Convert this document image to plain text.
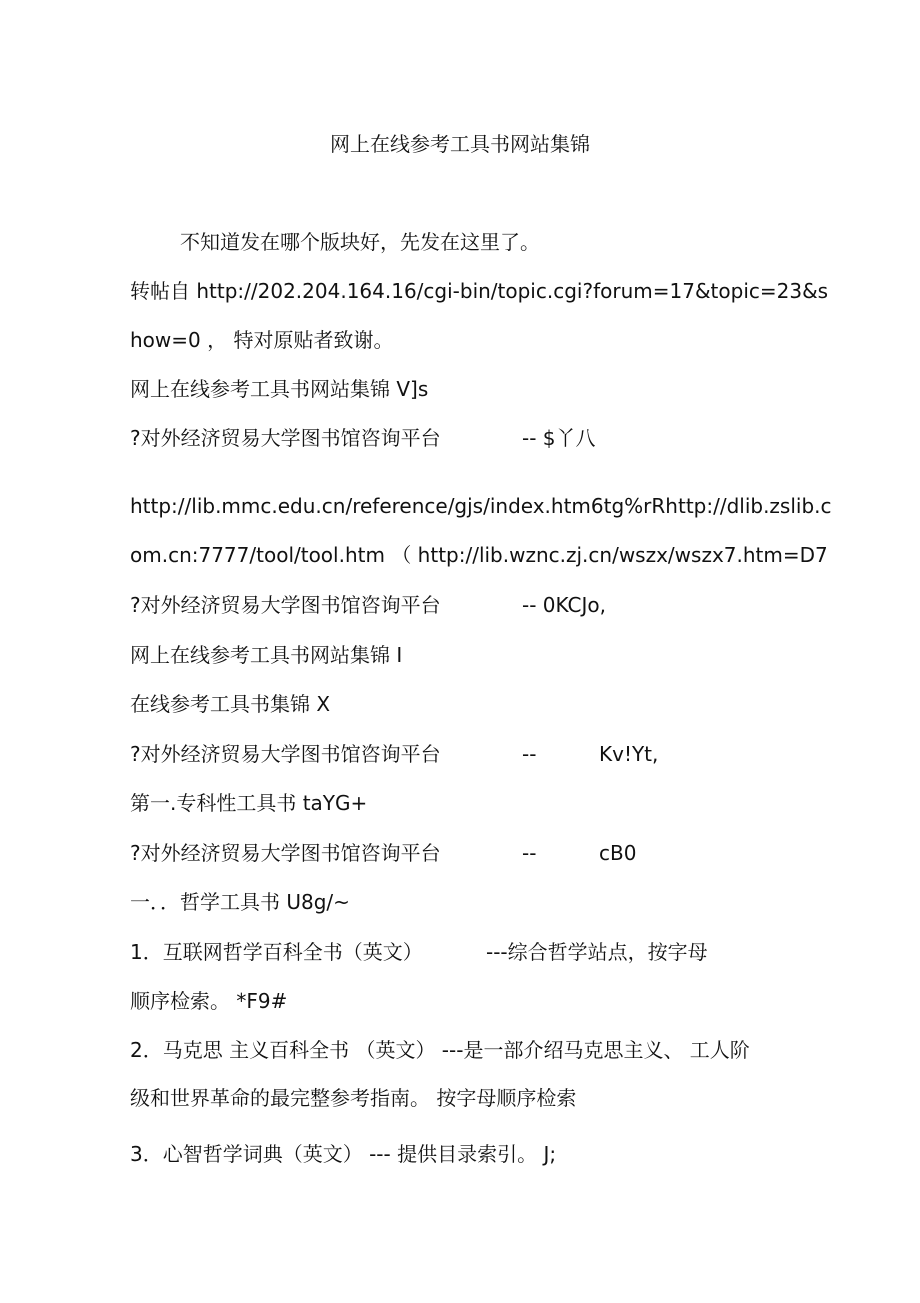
网上在线参考工具书网站集锦
不知道发在哪个版块好，先发在这里了。
转帖自 http://202.204.164.16/cgi-bin/topic.cgi?forum=17&topic=23&s
how=0 ， 特对原贴者致谢。
网上在线参考工具书网站集锦 V]s
?对外经济贸易大学图书馆咨询平台	-- $丫八
http://lib.mmc.edu.cn/reference/gjs/index.htm6tg%rRhttp://dlib.zslib.c
om.cn:7777/tool/tool.htm （ http://lib.wznc.zj.cn/wszx/wszx7.htm=D7
?对外经济贸易大学图书馆咨询平台	-- 0KCJo,
网上在线参考工具书网站集锦 I
在线参考工具书集锦 X
?对外经济贸易大学图书馆咨询平台	--	Kv!Yt,
第一.专科性工具书 taYG+
?对外经济贸易大学图书馆咨询平台	--	cB0
一．．哲学工具书 U8g/~
1．互联网哲学百科全书（英文）	---综合哲学站点，按字母
顺序检索。 *F9#
2．马克思 主义百科全书 （英文） ---是一部介绍马克思主义、 工人阶
级和世界革命的最完整参考指南。 按字母顺序检索
3．心智哲学词典（英文） --- 提供目录索引。 J;
